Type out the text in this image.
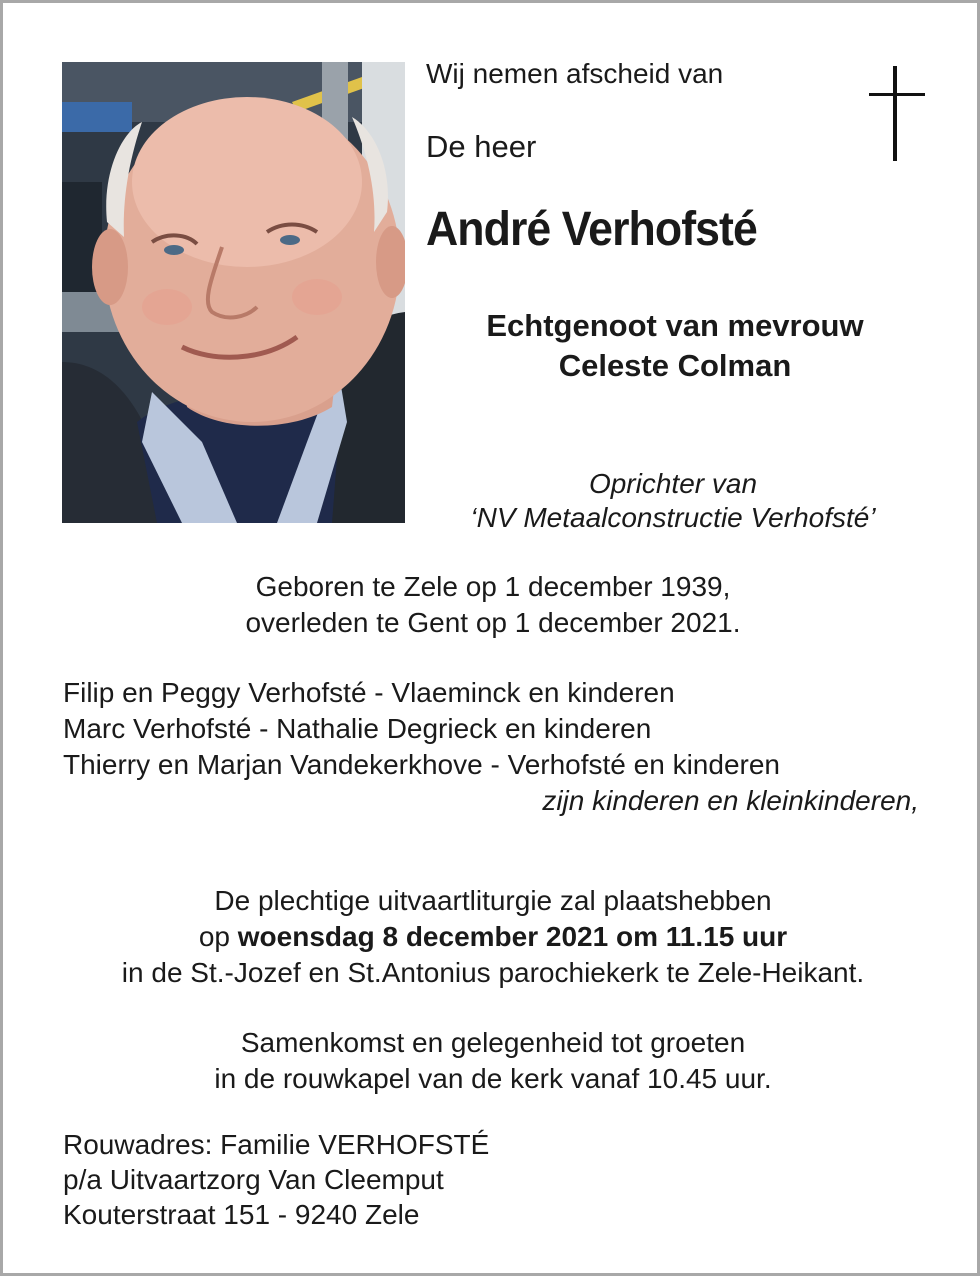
Wij nemen afscheid van
De heer
André Verhofsté
Echtgenoot van mevrouw
Celeste Colman
Oprichter van
‘NV Metaalconstructie Verhofsté’
Geboren te Zele op 1 december 1939,
overleden te Gent op 1 december 2021.
Filip en Peggy Verhofsté - Vlaeminck en kinderen
Marc Verhofsté - Nathalie Degrieck en kinderen
Thierry en Marjan Vandekerkhove - Verhofsté en kinderen
zijn kinderen en kleinkinderen,
De plechtige uitvaartliturgie zal plaatshebben
op woensdag 8 december 2021 om 11.15 uur
in de St.-Jozef en St.Antonius parochiekerk te Zele-Heikant.
Samenkomst en gelegenheid tot groeten
in de rouwkapel van de kerk vanaf 10.45 uur.
Rouwadres: Familie VERHOFSTÉ
p/a Uitvaartzorg Van Cleemput
Kouterstraat 151 - 9240 Zele
